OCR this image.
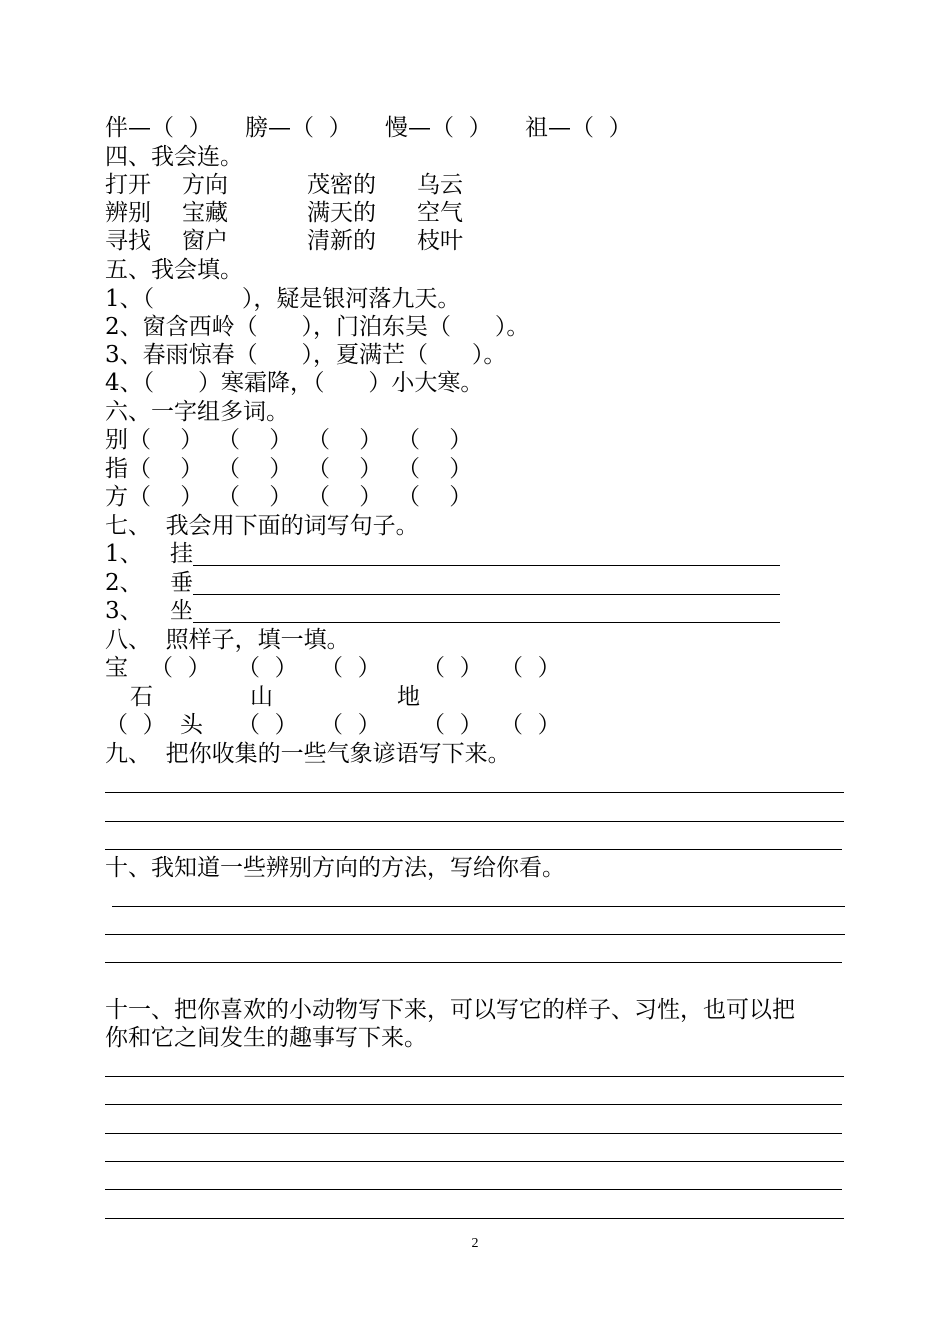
伴—（  ） 膀—（  ） 慢—（  ） 祖—（  ）
四、我会连。
打开 方向	茂密的 乌云
辨别 宝藏	满天的 空气
寻找 窗户	清新的 枝叶
五、我会填。
1、（            ），疑是银河落九天。
2、窗含西岭（      ），门泊东吴（      ）。
3、春雨惊春（      ），夏满芒（      ）。
4、（      ）寒霜降，（      ）小大寒。
六、一字组多词。
别 （    ） （    ） （    ） （    ）
指 （    ） （    ） （    ） （    ）
方 （    ） （    ） （    ） （    ）
七、  我会用下面的词写句子。
1、 挂
2、 垂
3、 坐
八、  照样子，填一填。
宝 （  ） （  ） （  ） （  ） （  ）
石	山	地
（  ） 头 （  ） （  ） （  ） （  ）
九、  把你收集的一些气象谚语写下来。
十、我知道一些辨别方向的方法，写给你看。
十一、把你喜欢的小动物写下来，可以写它的样子、习性，也可以把
你和它之间发生的趣事写下来。
2
